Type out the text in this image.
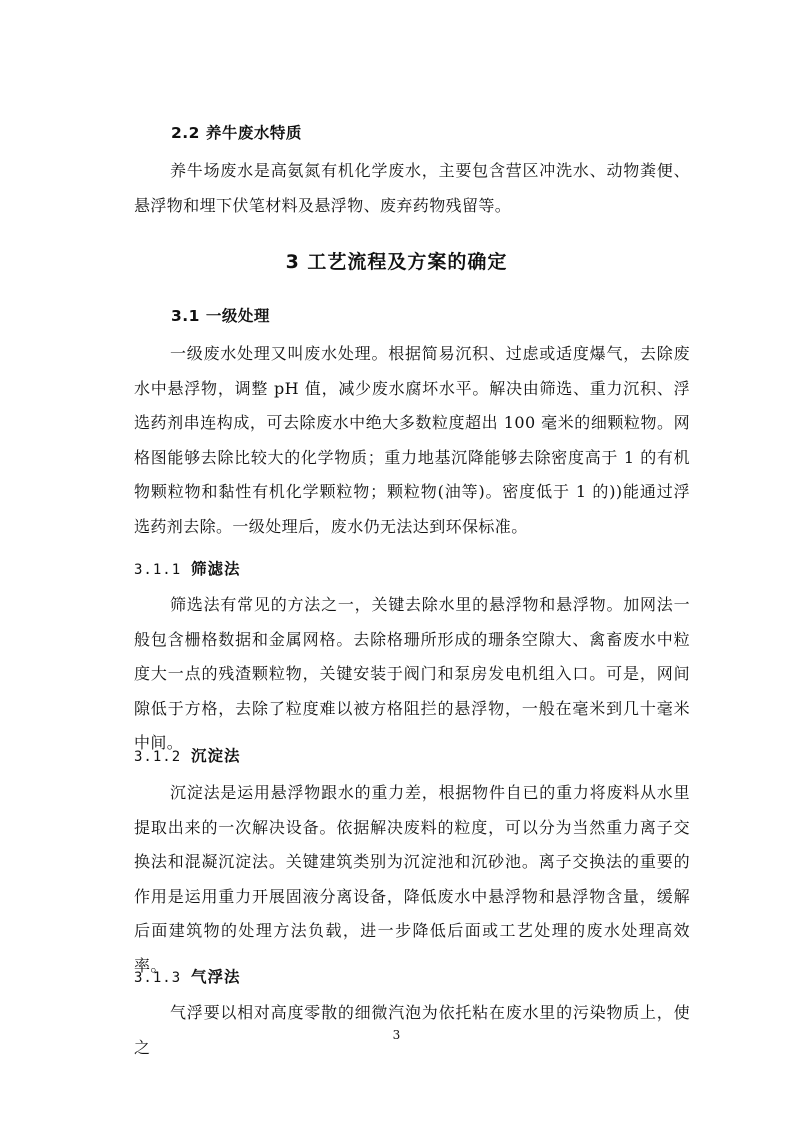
2.2 养牛废水特质

养牛场废水是高氨氮有机化学废水，主要包含营区冲洗水、动物粪便、悬浮物和埋下伏笔材料及悬浮物、废弃药物残留等。

3 工艺流程及方案的确定
3.1 一级处理

一级废水处理又叫废水处理。根据简易沉积、过虑或适度爆气，去除废水中悬浮物，调整 pH 值，减少废水腐坏水平。解决由筛选、重力沉积、浮选药剂串连构成，可去除废水中绝大多数粒度超出 100 毫米的细颗粒物。网格图能够去除比较大的化学物质；重力地基沉降能够去除密度高于 1 的有机物颗粒物和黏性有机化学颗粒物；颗粒物(油等)。密度低于 1 的))能通过浮选药剂去除。一级处理后，废水仍无法达到环保标准。

3.1.1 筛滤法

筛选法有常见的方法之一，关键去除水里的悬浮物和悬浮物。加网法一般包含栅格数据和金属网格。去除格珊所形成的珊条空隙大、禽畜废水中粒度大一点的残渣颗粒物，关键安装于阀门和泵房发电机组入口。可是，网间隙低于方格，去除了粒度难以被方格阻拦的悬浮物，一般在毫米到几十毫米中间。

3.1.2 沉淀法

沉淀法是运用悬浮物跟水的重力差，根据物件自已的重力将废料从水里提取出来的一次解决设备。依据解决废料的粒度，可以分为当然重力离子交换法和混凝沉淀法。关键建筑类别为沉淀池和沉砂池。离子交换法的重要的作用是运用重力开展固液分离设备，降低废水中悬浮物和悬浮物含量，缓解后面建筑物的处理方法负载，进一步降低后面或工艺处理的废水处理高效率。

3.1.3 气浮法

气浮要以相对高度零散的细微汽泡为依托粘在废水里的污染物质上，使之

3
